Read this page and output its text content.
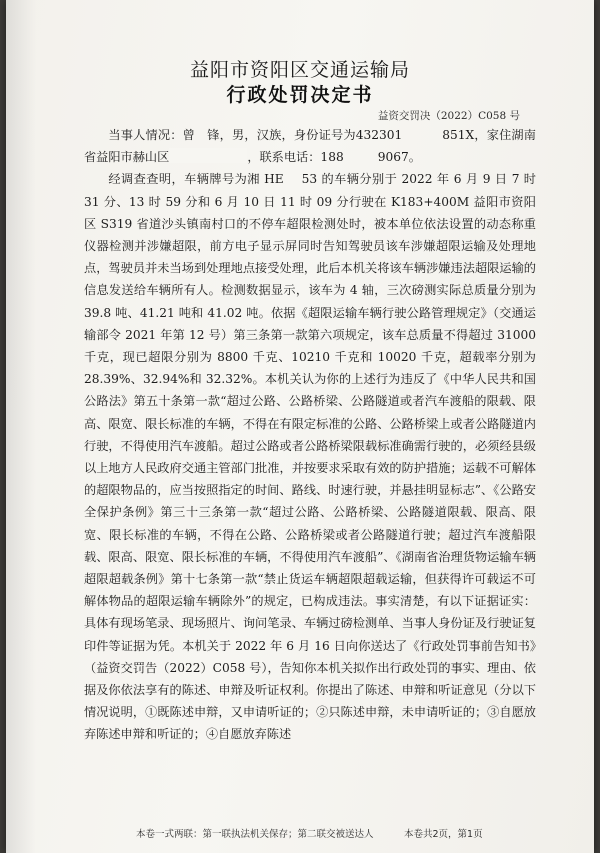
益阳市资阳区交通运输局
行政处罚决定书
益资交罚决（2022）C058 号

当事人情况：曾　锋，男，汉族，身份证号为432301	851X，家住湖南省益阳市赫山区	，联系电话：188	9067。

经调查查明，车辆牌号为湘 HE 53 的车辆分别于 2022 年 6 月 9 日 7 时 31 分、13 时 59 分和 6 月 10 日 11 时 09 分行驶在 K183+400M 益阳市资阳区 S319 省道沙头镇南村口的不停车超限检测处时，被本单位依法设置的动态称重仪器检测并涉嫌超限，前方电子显示屏同时告知驾驶员该车涉嫌超限运输及处理地点，驾驶员并未当场到处理地点接受处理，此后本机关将该车辆涉嫌违法超限运输的信息发送给车辆所有人。检测数据显示，该车为 4 轴，三次磅测实际总质量分别为 39.8 吨、41.21 吨和 41.02 吨。依据《超限运输车辆行驶公路管理规定》（交通运输部令 2021 年第 12 号）第三条第一款第六项规定，该车总质量不得超过 31000 千克，现已超限分别为 8800 千克、10210 千克和 10020 千克，超载率分别为 28.39%、32.94%和 32.32%。本机关认为你的上述行为违反了《中华人民共和国公路法》第五十条第一款“超过公路、公路桥梁、公路隧道或者汽车渡船的限载、限高、限宽、限长标准的车辆，不得在有限定标准的公路、公路桥梁上或者公路隧道内行驶，不得使用汽车渡船。超过公路或者公路桥梁限载标准确需行驶的，必须经县级以上地方人民政府交通主管部门批准，并按要求采取有效的防护措施；运载不可解体的超限物品的，应当按照指定的时间、路线、时速行驶，并悬挂明显标志”、《公路安全保护条例》第三十三条第一款“超过公路、公路桥梁、公路隧道限载、限高、限宽、限长标准的车辆，不得在公路、公路桥梁或者公路隧道行驶；超过汽车渡船限载、限高、限宽、限长标准的车辆，不得使用汽车渡船”、《湖南省治理货物运输车辆超限超载条例》第十七条第一款“禁止货运车辆超限超载运输，但获得许可载运不可解体物品的超限运输车辆除外”的规定，已构成违法。事实清楚，有以下证据证实：具体有现场笔录、现场照片、询问笔录、车辆过磅检测单、当事人身份证及行驶证复印件等证据为凭。本机关于 2022 年 6 月 16 日向你送达了《行政处罚事前告知书》（益资交罚告（2022）C058 号），告知你本机关拟作出行政处罚的事实、理由、依据及你依法享有的陈述、申辩及听证权利。你提出了陈述、申辩和听证意见（分以下情况说明，①既陈述申辩，又申请听证的；②只陈述申辩，未申请听证的；③自愿放弃陈述申辩和听证的；④自愿放弃陈述

本卷一式两联：第一联执法机关保存；第二联交被送达人	本卷共2页，第1页
